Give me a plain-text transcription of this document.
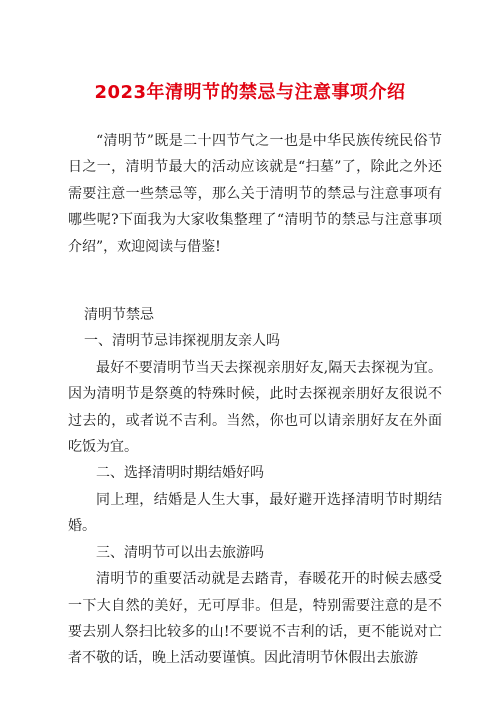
2023年清明节的禁忌与注意事项介绍

“清明节”既是二十四节气之一也是中华民族传统民俗节日之一，清明节最大的活动应该就是“扫墓”了，除此之外还需要注意一些禁忌等，那么关于清明节的禁忌与注意事项有哪些呢?下面我为大家收集整理了“清明节的禁忌与注意事项介绍”，欢迎阅读与借鉴!

清明节禁忌

一、清明节忌讳探视朋友亲人吗

最好不要清明节当天去探视亲朋好友,隔天去探视为宜。因为清明节是祭奠的特殊时候，此时去探视亲朋好友很说不过去的，或者说不吉利。当然，你也可以请亲朋好友在外面吃饭为宜。

二、选择清明时期结婚好吗

同上理，结婚是人生大事，最好避开选择清明节时期结婚。

三、清明节可以出去旅游吗

清明节的重要活动就是去踏青，春暖花开的时候去感受一下大自然的美好，无可厚非。但是，特别需要注意的是不要去别人祭扫比较多的山!不要说不吉利的话，更不能说对亡者不敬的话，晚上活动要谨慎。因此清明节休假出去旅游
